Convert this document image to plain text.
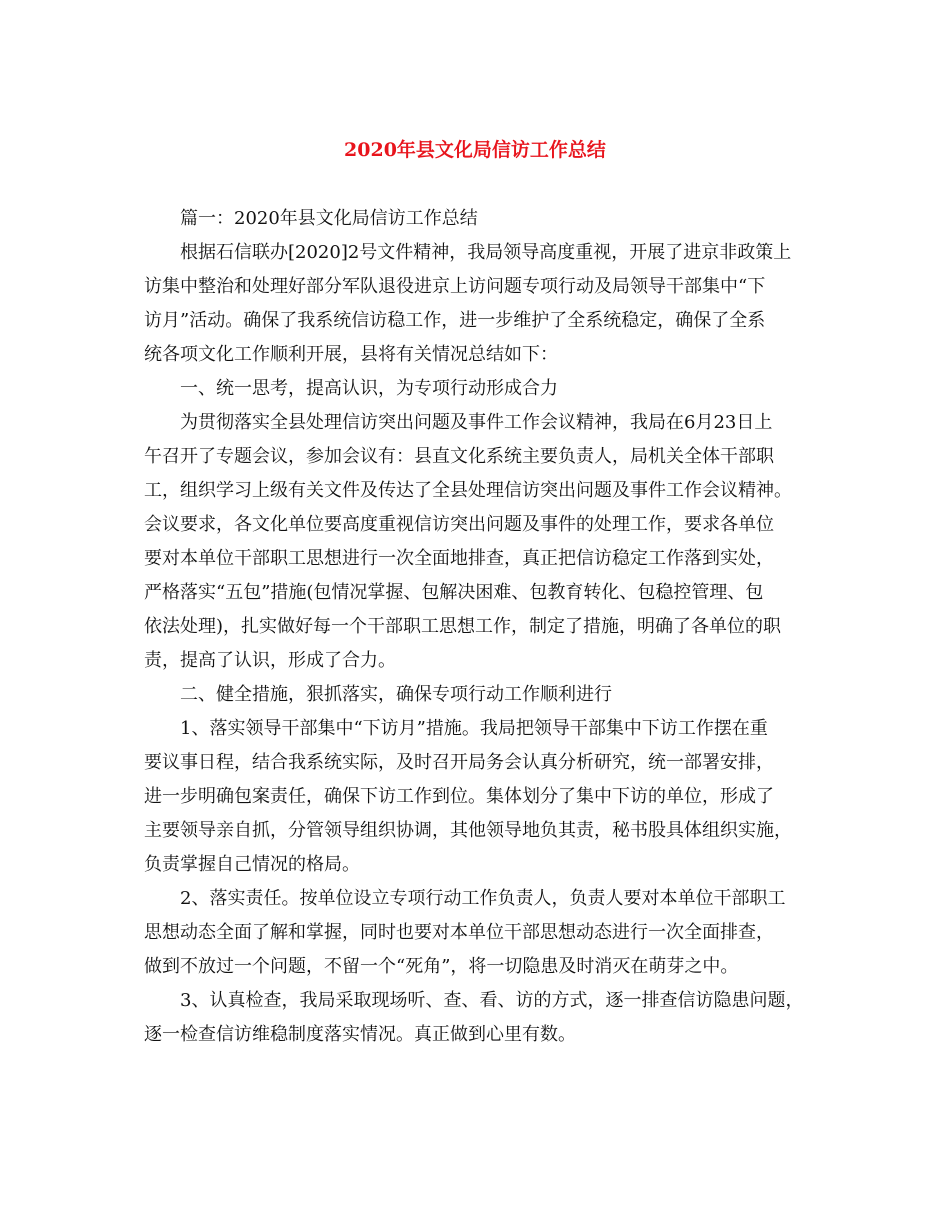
2020年县文化局信访工作总结
篇一：2020年县文化局信访工作总结
根据石信联办[2020]2号文件精神，我局领导高度重视，开展了进京非政策上
访集中整治和处理好部分军队退役进京上访问题专项行动及局领导干部集中“下
访月”活动。确保了我系统信访稳工作，进一步维护了全系统稳定，确保了全系
统各项文化工作顺利开展，县将有关情况总结如下：
一、统一思考，提高认识，为专项行动形成合力
为贯彻落实全县处理信访突出问题及事件工作会议精神，我局在6月23日上
午召开了专题会议，参加会议有：县直文化系统主要负责人，局机关全体干部职
工，组织学习上级有关文件及传达了全县处理信访突出问题及事件工作会议精神。
会议要求，各文化单位要高度重视信访突出问题及事件的处理工作，要求各单位
要对本单位干部职工思想进行一次全面地排查，真正把信访稳定工作落到实处，
严格落实“五包”措施(包情况掌握、包解决困难、包教育转化、包稳控管理、包
依法处理)，扎实做好每一个干部职工思想工作，制定了措施，明确了各单位的职
责，提高了认识，形成了合力。
二、健全措施，狠抓落实，确保专项行动工作顺利进行
1、落实领导干部集中“下访月”措施。我局把领导干部集中下访工作摆在重
要议事日程，结合我系统实际，及时召开局务会认真分析研究，统一部署安排，
进一步明确包案责任，确保下访工作到位。集体划分了集中下访的单位，形成了
主要领导亲自抓，分管领导组织协调，其他领导地负其责，秘书股具体组织实施，
负责掌握自己情况的格局。
2、落实责任。按单位设立专项行动工作负责人，负责人要对本单位干部职工
思想动态全面了解和掌握，同时也要对本单位干部思想动态进行一次全面排查，
做到不放过一个问题，不留一个“死角”，将一切隐患及时消灭在萌芽之中。
3、认真检查，我局采取现场听、查、看、访的方式，逐一排查信访隐患问题，
逐一检查信访维稳制度落实情况。真正做到心里有数。
